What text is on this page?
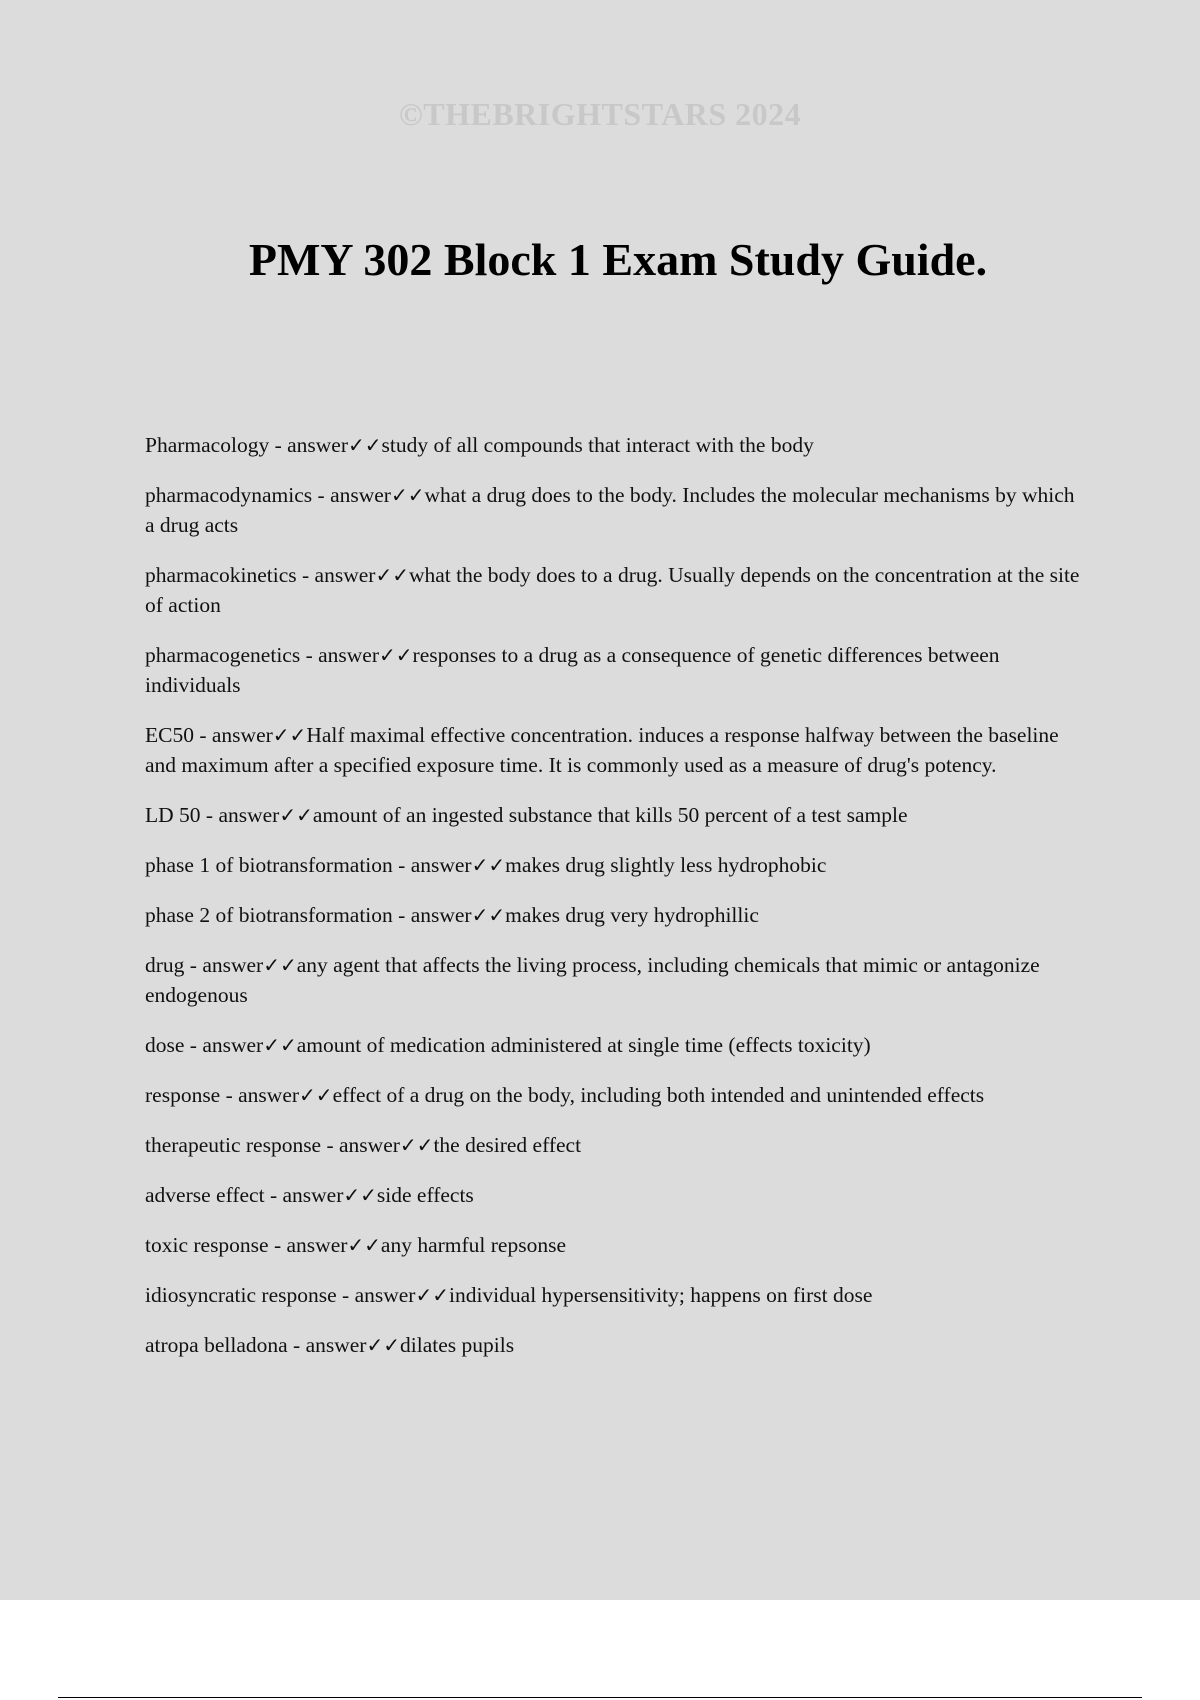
©THEBRIGHTSTARS 2024
PMY 302 Block 1 Exam Study Guide.
Pharmacology - answer✓✓study of all compounds that interact with the body
pharmacodynamics - answer✓✓what a drug does to the body. Includes the molecular mechanisms by which a drug acts
pharmacokinetics - answer✓✓what the body does to a drug. Usually depends on the concentration at the site of action
pharmacogenetics - answer✓✓responses to a drug as a consequence of genetic differences between individuals
EC50 - answer✓✓Half maximal effective concentration. induces a response halfway between the baseline and maximum after a specified exposure time. It is commonly used as a measure of drug's potency.
LD 50 - answer✓✓amount of an ingested substance that kills 50 percent of a test sample
phase 1 of biotransformation - answer✓✓makes drug slightly less hydrophobic
phase 2 of biotransformation - answer✓✓makes drug very hydrophillic
drug - answer✓✓any agent that affects the living process, including chemicals that mimic or antagonize endogenous
dose - answer✓✓amount of medication administered at single time (effects toxicity)
response - answer✓✓effect of a drug on the body, including both intended and unintended effects
therapeutic response - answer✓✓the desired effect
adverse effect - answer✓✓side effects
toxic response - answer✓✓any harmful repsonse
idiosyncratic response - answer✓✓individual hypersensitivity; happens on first dose
atropa belladona - answer✓✓dilates pupils
